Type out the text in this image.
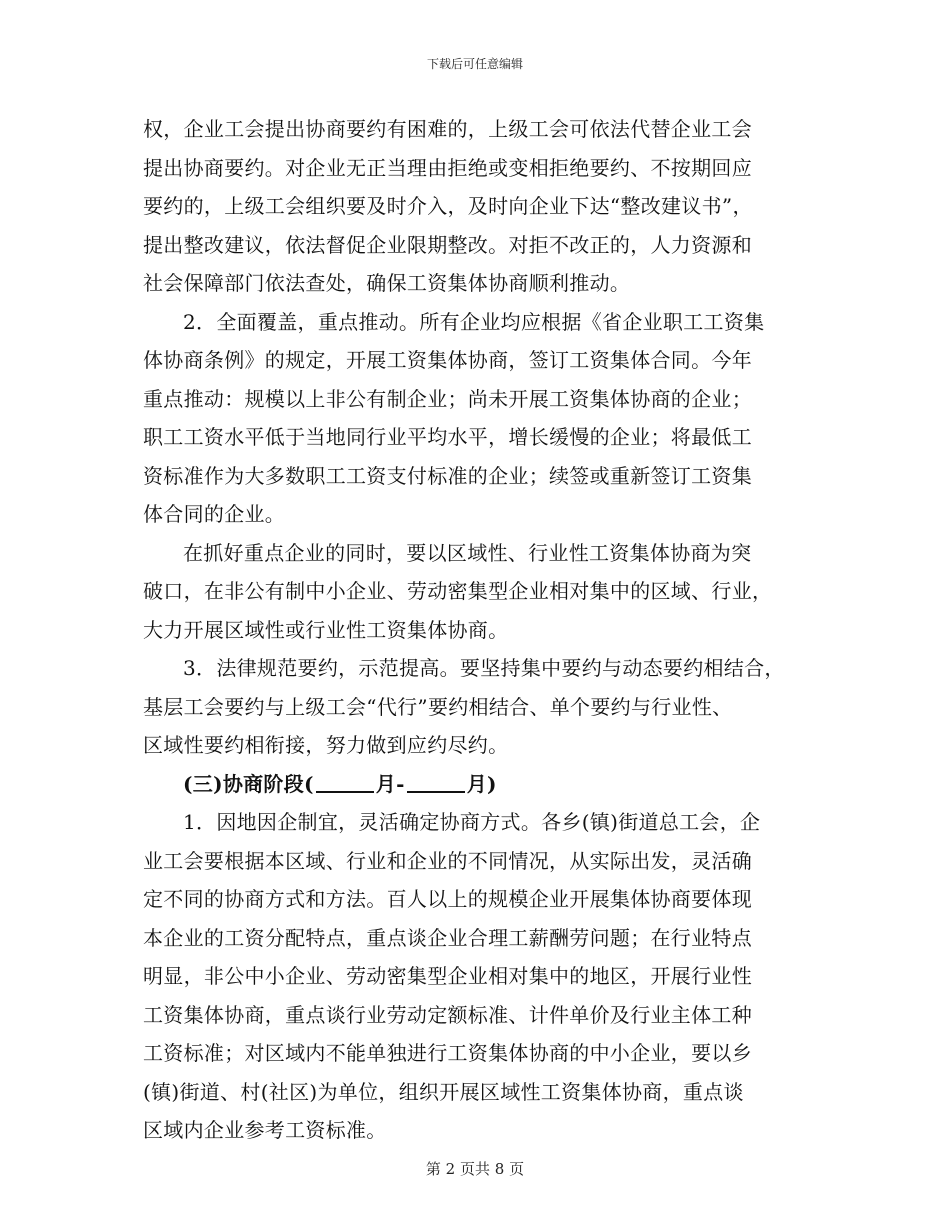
下载后可任意编辑
权，企业工会提出协商要约有困难的，上级工会可依法代替企业工会
提出协商要约。对企业无正当理由拒绝或变相拒绝要约、不按期回应
要约的，上级工会组织要及时介入，及时向企业下达“整改建议书”，
提出整改建议，依法督促企业限期整改。对拒不改正的，人力资源和
社会保障部门依法查处，确保工资集体协商顺利推动。
2．全面覆盖，重点推动。所有企业均应根据《省企业职工工资集
体协商条例》的规定，开展工资集体协商，签订工资集体合同。今年
重点推动：规模以上非公有制企业；尚未开展工资集体协商的企业；
职工工资水平低于当地同行业平均水平，增长缓慢的企业；将最低工
资标准作为大多数职工工资支付标准的企业；续签或重新签订工资集
体合同的企业。
在抓好重点企业的同时，要以区域性、行业性工资集体协商为突
破口，在非公有制中小企业、劳动密集型企业相对集中的区域、行业，
大力开展区域性或行业性工资集体协商。
3．法律规范要约，示范提高。要坚持集中要约与动态要约相结合，
基层工会要约与上级工会“代行”要约相结合、单个要约与行业性、
区域性要约相衔接，努力做到应约尽约。
(三)协商阶段(	月-	月)
1．因地因企制宜，灵活确定协商方式。各乡(镇)街道总工会，企
业工会要根据本区域、行业和企业的不同情况，从实际出发，灵活确
定不同的协商方式和方法。百人以上的规模企业开展集体协商要体现
本企业的工资分配特点，重点谈企业合理工薪酬劳问题；在行业特点
明显，非公中小企业、劳动密集型企业相对集中的地区，开展行业性
工资集体协商，重点谈行业劳动定额标准、计件单价及行业主体工种
工资标准；对区域内不能单独进行工资集体协商的中小企业，要以乡
(镇)街道、村(社区)为单位，组织开展区域性工资集体协商，重点谈
区域内企业参考工资标准。
第 2 页共 8 页
